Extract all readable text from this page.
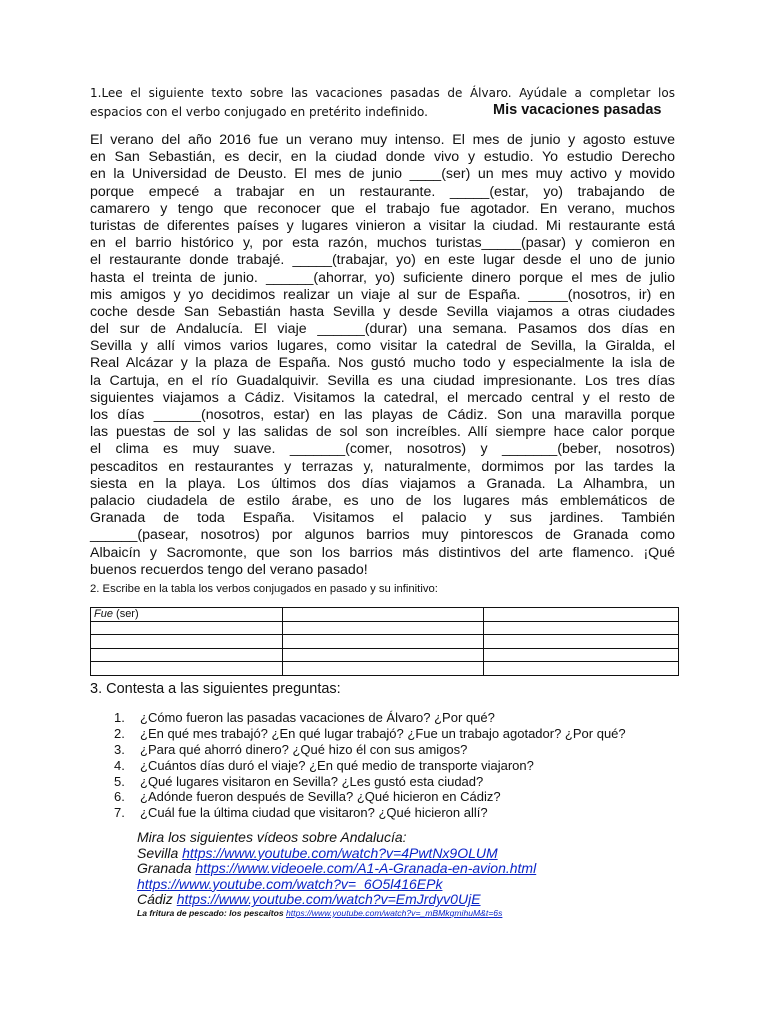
1.Lee el siguiente texto sobre las vacaciones pasadas de Álvaro. Ayúdale a completar los
espacios con el verbo conjugado en pretérito indefinido.	Mis vacaciones pasadas
El verano del año 2016 fue un verano muy intenso. El mes de junio y agosto estuve
en San Sebastián, es decir, en la ciudad donde vivo y estudio. Yo estudio Derecho
en la Universidad de Deusto. El mes de junio ____(ser) un mes muy activo y movido
porque empecé a trabajar en un restaurante. _____(estar, yo) trabajando de
camarero y tengo que reconocer que el trabajo fue agotador. En verano, muchos
turistas de diferentes países y lugares vinieron a visitar la ciudad. Mi restaurante está
en el barrio histórico y, por esta razón, muchos turistas_____(pasar) y comieron en
el restaurante donde trabajé. _____(trabajar, yo) en este lugar desde el uno de junio
hasta el treinta de junio. ______(ahorrar, yo) suficiente dinero porque el mes de julio
mis amigos y yo decidimos realizar un viaje al sur de España. _____(nosotros, ir) en
coche desde San Sebastián hasta Sevilla y desde Sevilla viajamos a otras ciudades
del sur de Andalucía. El viaje ______(durar) una semana. Pasamos dos días en
Sevilla y allí vimos varios lugares, como visitar la catedral de Sevilla, la Giralda, el
Real Alcázar y la plaza de España. Nos gustó mucho todo y especialmente la isla de
la Cartuja, en el río Guadalquivir. Sevilla es una ciudad impresionante. Los tres días
siguientes viajamos a Cádiz. Visitamos la catedral, el mercado central y el resto de
los días ______(nosotros, estar) en las playas de Cádiz. Son una maravilla porque
las puestas de sol y las salidas de sol son increíbles. Allí siempre hace calor porque
el clima es muy suave. _______(comer, nosotros) y _______(beber, nosotros)
pescaditos en restaurantes y terrazas y, naturalmente, dormimos por las tardes la
siesta en la playa. Los últimos dos días viajamos a Granada. La Alhambra, un
palacio ciudadela de estilo árabe, es uno de los lugares más emblemáticos de
Granada de toda España. Visitamos el palacio y sus jardines. También
______(pasear, nosotros) por algunos barrios muy pintorescos de Granada como
Albaicín y Sacromonte, que son los barrios más distintivos del arte flamenco. ¡Qué
buenos recuerdos tengo del verano pasado!
2. Escribe en la tabla los verbos conjugados en pasado y su infinitivo:
Fue (ser)		

3. Contesta a las siguientes preguntas:
1. ¿Cómo fueron las pasadas vacaciones de Álvaro? ¿Por qué?
2. ¿En qué mes trabajó? ¿En qué lugar trabajó? ¿Fue un trabajo agotador? ¿Por qué?
3. ¿Para qué ahorró dinero? ¿Qué hizo él con sus amigos?
4. ¿Cuántos días duró el viaje? ¿En qué medio de transporte viajaron?
5. ¿Qué lugares visitaron en Sevilla? ¿Les gustó esta ciudad?
6. ¿Adónde fueron después de Sevilla? ¿Qué hicieron en Cádiz?
7. ¿Cuál fue la última ciudad que visitaron? ¿Qué hicieron allí?
Mira los siguientes vídeos sobre Andalucía:
Sevilla https://www.youtube.com/watch?v=4PwtNx9OLUM
Granada https://www.videoele.com/A1-A-Granada-en-avion.html
https://www.youtube.com/watch?v=_6O5l416EPk
Cádiz https://www.youtube.com/watch?v=EmJrdyv0UjE
La fritura de pescado: los pescaítos https://www.youtube.com/watch?v=_mBMkqmihuM&t=6s
